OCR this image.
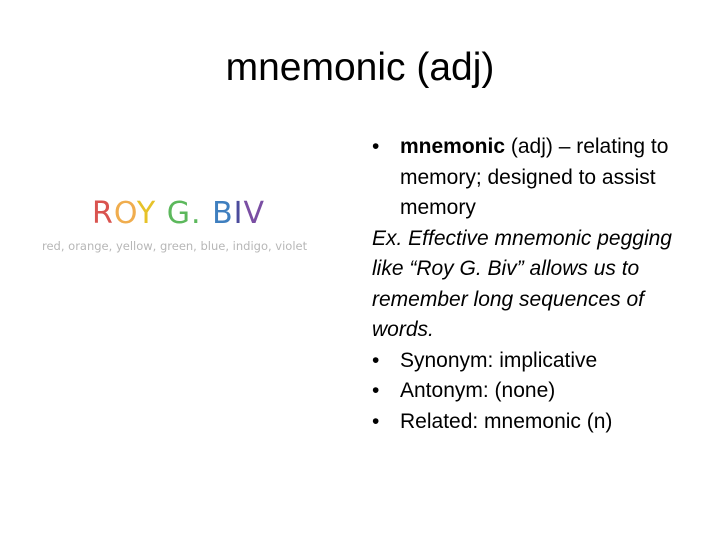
mnemonic (adj)
ROY G. BIV
red, orange, yellow, green, blue, indigo, violet
• mnemonic (adj) – relating to memory; designed to assist memory
Ex. Effective mnemonic pegging like “Roy G. Biv” allows us to remember long sequences of words.
• Synonym: implicative
• Antonym: (none)
• Related: mnemonic (n)
